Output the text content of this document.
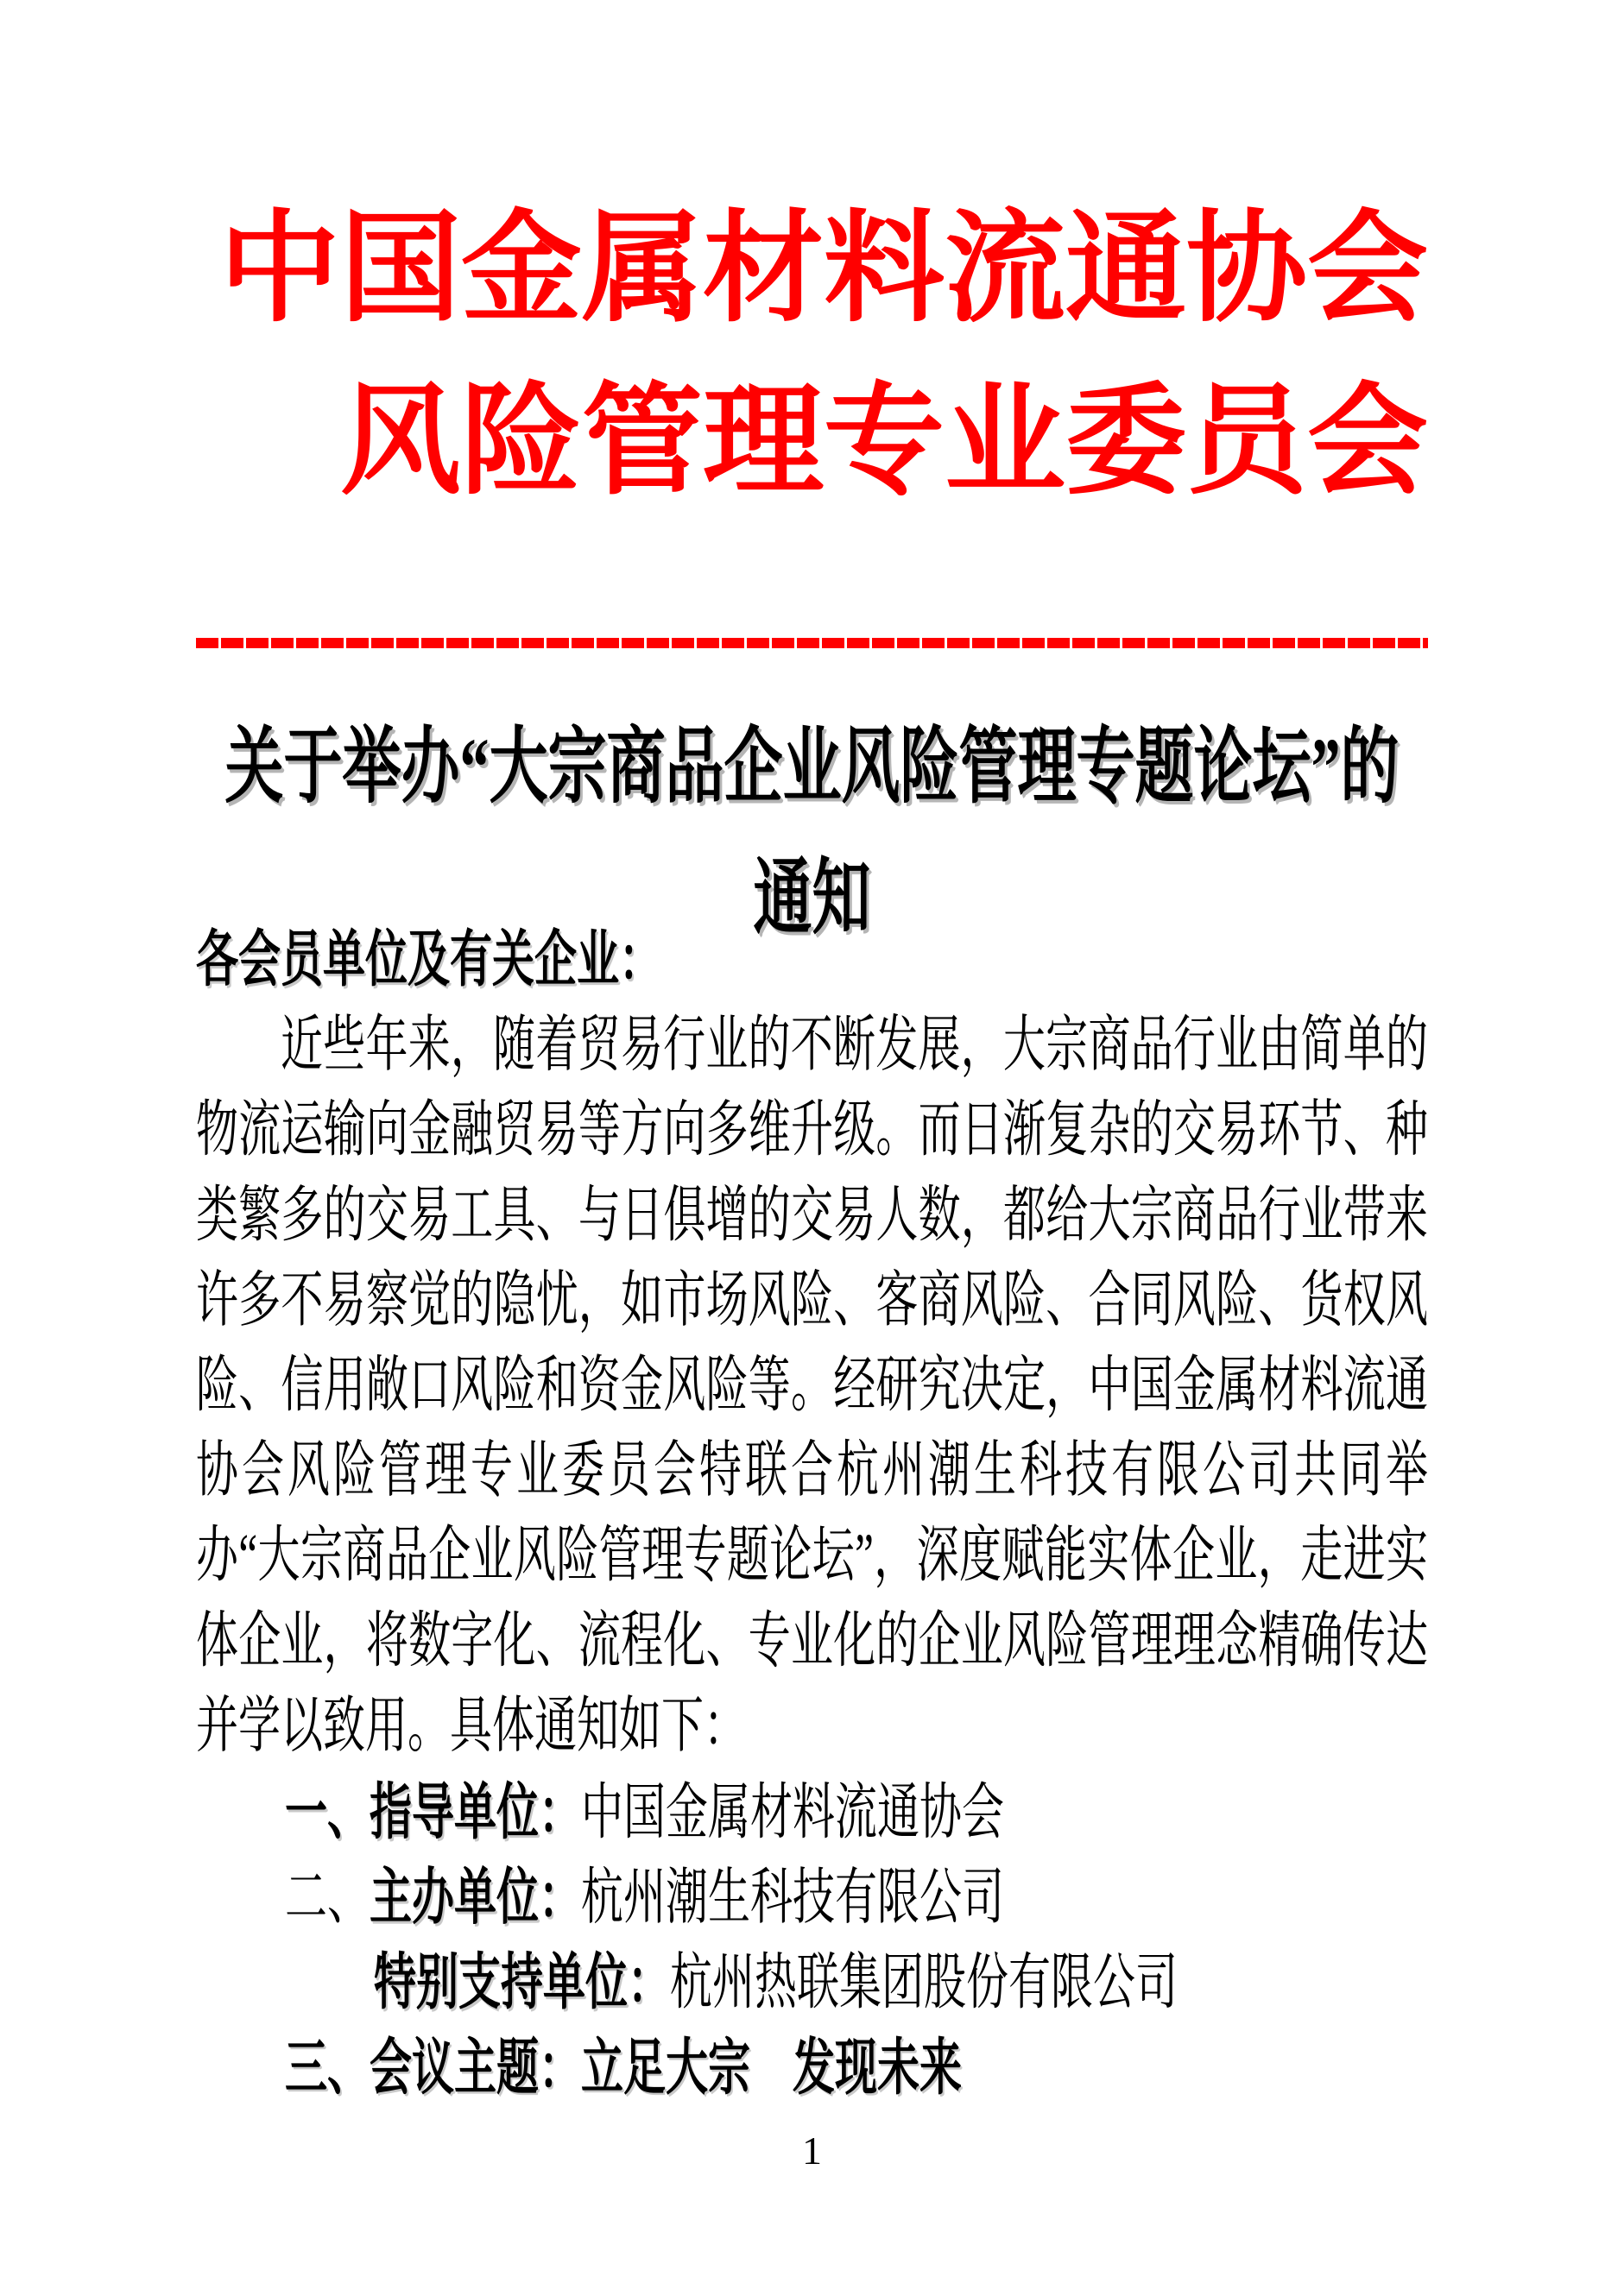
中国金属材料流通协会
风险管理专业委员会
关于举办“大宗商品企业风险管理专题论坛”的
通知
各会员单位及有关企业：

近些年来，随着贸易行业的不断发展，大宗商品行业由简单的物流运输向金融贸易等方向多维升级。而日渐复杂的交易环节、种类繁多的交易工具、与日俱增的交易人数，都给大宗商品行业带来许多不易察觉的隐忧，如市场风险、客商风险、合同风险、货权风险、信用敞口风险和资金风险等。经研究决定，中国金属材料流通协会风险管理专业委员会特联合杭州潮生科技有限公司共同举办“大宗商品企业风险管理专题论坛”，深度赋能实体企业，走进实体企业，将数字化、流程化、专业化的企业风险管理理念精确传达并学以致用。具体通知如下：

一、指导单位：中国金属材料流通协会
二、主办单位：杭州潮生科技有限公司
特别支持单位：杭州热联集团股份有限公司
三、会议主题：立足大宗　发现未来
1
